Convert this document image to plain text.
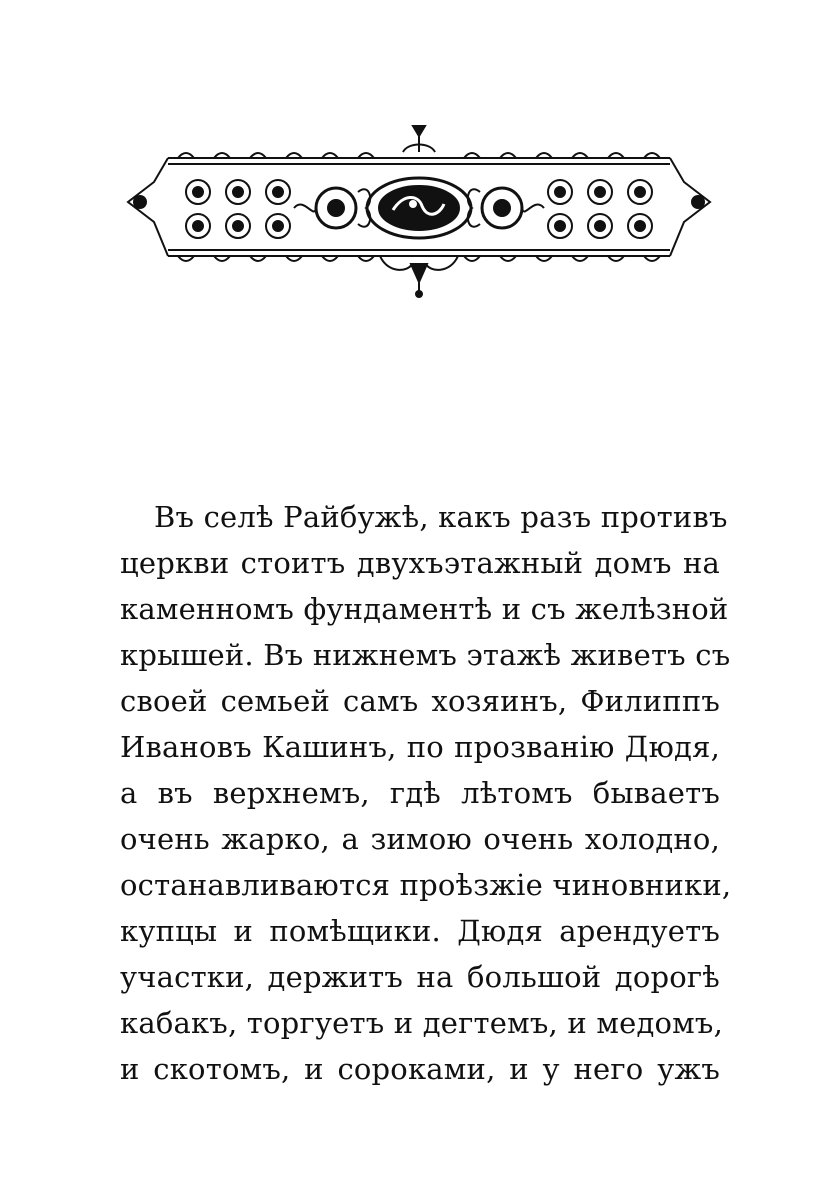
Въ селѣ Райбужѣ, какъ разъ противъ
церкви стоитъ двухъэтажный домъ на
каменномъ фундаментѣ и съ желѣзной
крышей. Въ нижнемъ этажѣ живетъ съ
своей семьей самъ хозяинъ, Филиппъ
Ивановъ Кашинъ, по прозванію Дюдя,
а въ верхнемъ, гдѣ лѣтомъ бываетъ
очень жарко, а зимою очень холодно,
останавливаются проѣзжіе чиновники,
купцы и помѣщики. Дюдя арендуетъ
участки, держитъ на большой дорогѣ
кабакъ, торгуетъ и дегтемъ, и медомъ,
и скотомъ, и сороками, и у него ужъ
